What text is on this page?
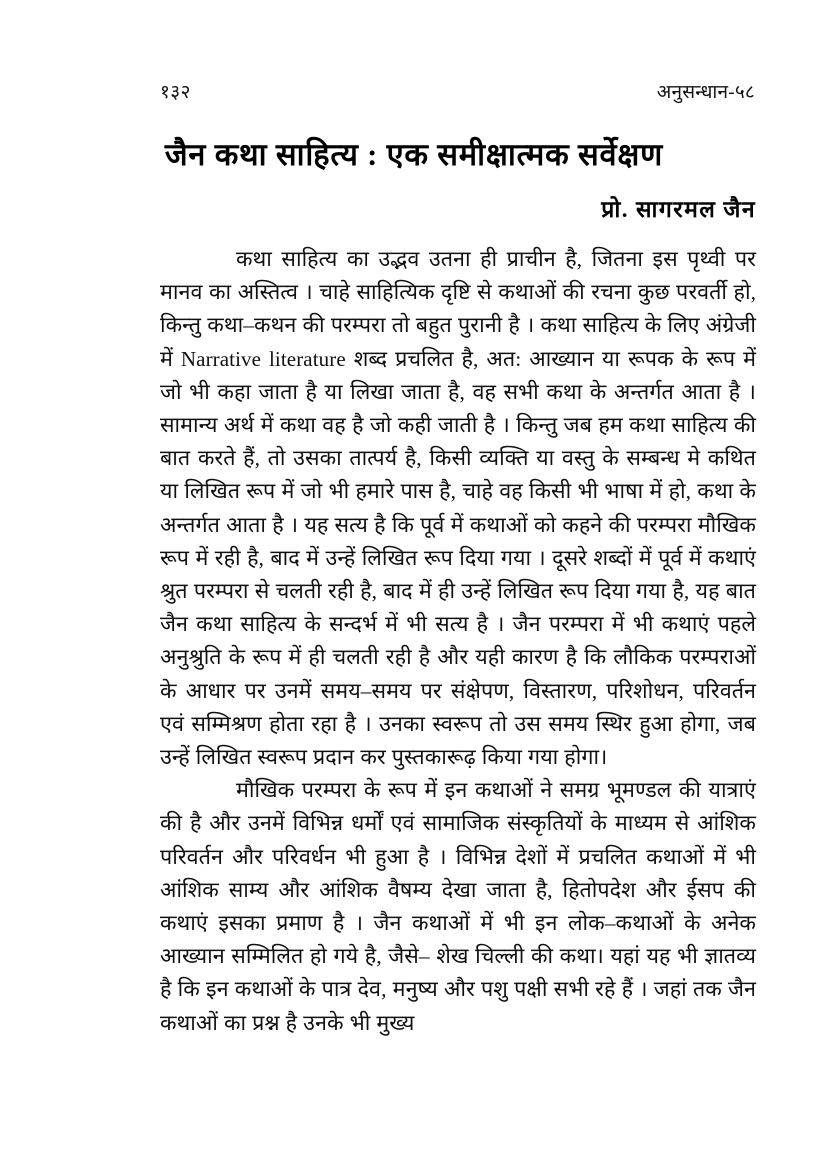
१३२	अनुसन्धान-५८
जैन कथा साहित्य : एक समीक्षात्मक सर्वेक्षण
प्रो. सागरमल जैन

कथा साहित्य का उद्भव उतना ही प्राचीन है, जितना इस पृथ्वी पर मानव का अस्तित्व । चाहे साहित्यिक दृष्टि से कथाओं की रचना कुछ परवर्ती हो, किन्तु कथा–कथन की परम्परा तो बहुत पुरानी है । कथा साहित्य के लिए अंग्रेजी में Narrative literature शब्द प्रचलित है, अत: आख्यान या रूपक के रूप में जो भी कहा जाता है या लिखा जाता है, वह सभी कथा के अन्तर्गत आता है । सामान्य अर्थ में कथा वह है जो कही जाती है । किन्तु जब हम कथा साहित्य की बात करते हैं, तो उसका तात्पर्य है, किसी व्यक्ति या वस्तु के सम्बन्ध मे कथित या लिखित रूप में जो भी हमारे पास है, चाहे वह किसी भी भाषा में हो, कथा के अन्तर्गत आता है । यह सत्य है कि पूर्व में कथाओं को कहने की परम्परा मौखिक रूप में रही है, बाद में उन्हें लिखित रूप दिया गया । दूसरे शब्दों में पूर्व में कथाएं श्रुत परम्परा से चलती रही है, बाद में ही उन्हें लिखित रूप दिया गया है, यह बात जैन कथा साहित्य के सन्दर्भ में भी सत्य है । जैन परम्परा में भी कथाएं पहले अनुश्रुति के रूप में ही चलती रही है और यही कारण है कि लौकिक परम्पराओं के आधार पर उनमें समय–समय पर संक्षेपण, विस्तारण, परिशोधन, परिवर्तन एवं सम्मिश्रण होता रहा है । उनका स्वरूप तो उस समय स्थिर हुआ होगा, जब उन्हें लिखित स्वरूप प्रदान कर पुस्तकारूढ़ किया गया होगा।

मौखिक परम्परा के रूप में इन कथाओं ने समग्र भूमण्डल की यात्राएं की है और उनमें विभिन्न धर्मों एवं सामाजिक संस्कृतियों के माध्यम से आंशिक परिवर्तन और परिवर्धन भी हुआ है । विभिन्न देशों में प्रचलित कथाओं में भी आंशिक साम्य और आंशिक वैषम्य देखा जाता है, हितोपदेश और ईसप की कथाएं इसका प्रमाण है । जैन कथाओं में भी इन लोक–कथाओं के अनेक आख्यान सम्मिलित हो गये है, जैसे– शेख चिल्ली की कथा। यहां यह भी ज्ञातव्य है कि इन कथाओं के पात्र देव, मनुष्य और पशु पक्षी सभी रहे हैं । जहां तक जैन कथाओं का प्रश्न है उनके भी मुख्य
